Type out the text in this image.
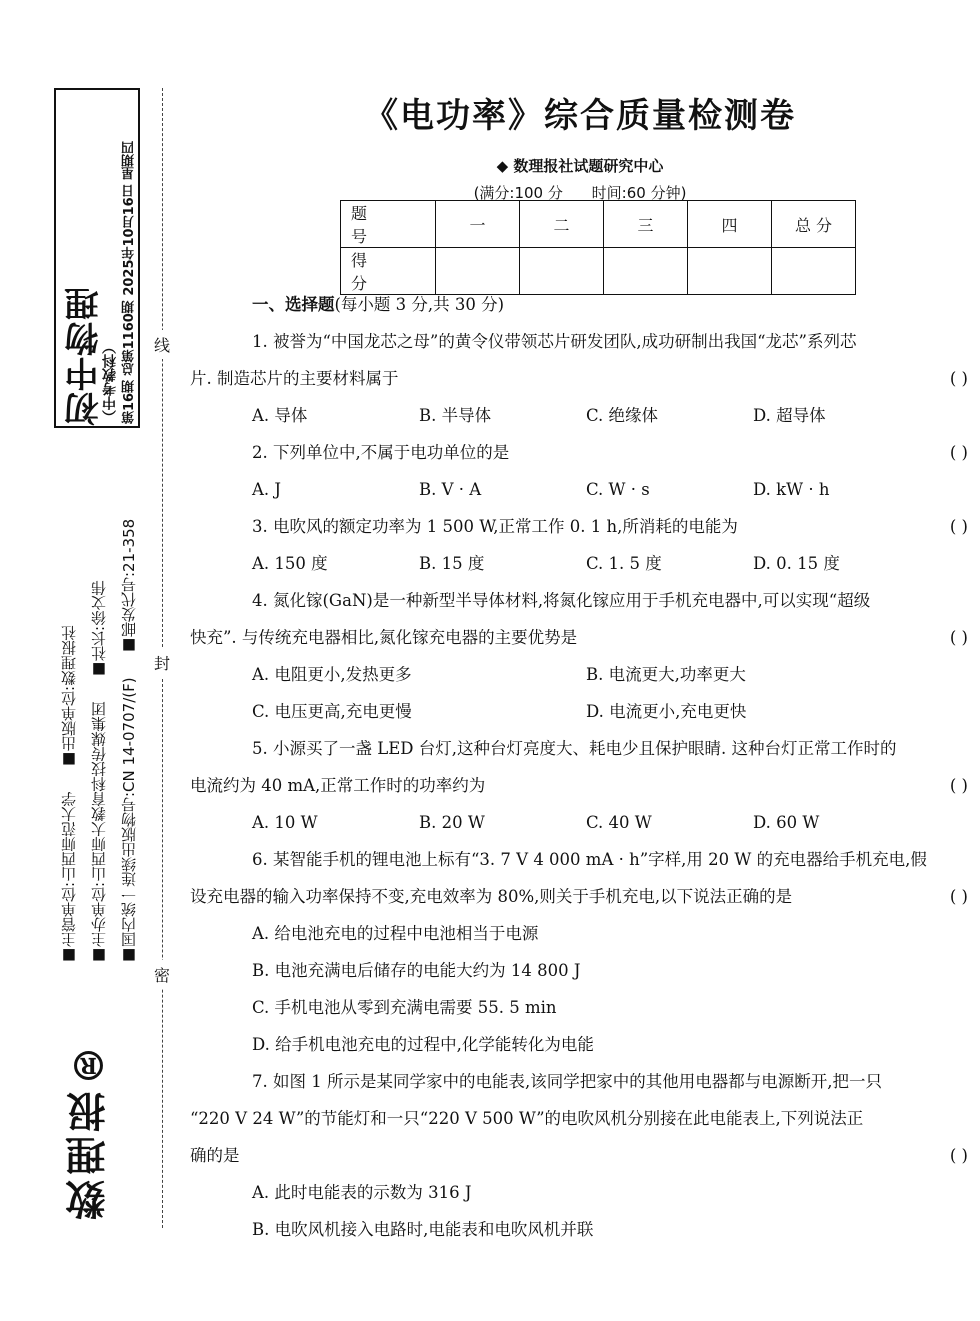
初中物理
（中考教科） 第16期 总第1160期 2025年10月16日 星期四
■主管单位:山西师范大学 ■出版单位:数理报社
■主办单位:山西师大教育科技传媒集团 ■社长:徐文伟
■国内统一连续出版物号:CN 14-0707/(F) ■邮发代号:21-358
数理报®
线
封
密
《电功率》综合质量检测卷
◆ 数理报社试题研究中心
(满分:100 分 时间:60 分钟)
题 号	一	二	三	四	总 分
得 分					
一、选择题(每小题 3 分,共 30 分)
1. 被誉为“中国龙芯之母”的黄令仪带领芯片研发团队,成功研制出我国“龙芯”系列芯
片. 制造芯片的主要材料属于	( )
A. 导体	B. 半导体	C. 绝缘体	D. 超导体
2. 下列单位中,不属于电功单位的是	( )
A. J	B. V · A	C. W · s	D. kW · h
3. 电吹风的额定功率为 1 500 W,正常工作 0. 1 h,所消耗的电能为	( )
A. 150 度	B. 15 度	C. 1. 5 度	D. 0. 15 度
4. 氮化镓(GaN)是一种新型半导体材料,将氮化镓应用于手机充电器中,可以实现“超级
快充”. 与传统充电器相比,氮化镓充电器的主要优势是	( )
A. 电阻更小,发热更多	B. 电流更大,功率更大
C. 电压更高,充电更慢	D. 电流更小,充电更快
5. 小源买了一盏 LED 台灯,这种台灯亮度大、耗电少且保护眼睛. 这种台灯正常工作时的
电流约为 40 mA,正常工作时的功率约为	( )
A. 10 W	B. 20 W	C. 40 W	D. 60 W
6. 某智能手机的锂电池上标有“3. 7 V 4 000 mA · h”字样,用 20 W 的充电器给手机充电,假
设充电器的输入功率保持不变,充电效率为 80%,则关于手机充电,以下说法正确的是	( )
A. 给电池充电的过程中电池相当于电源
B. 电池充满电后储存的电能大约为 14 800 J
C. 手机电池从零到充满电需要 55. 5 min
D. 给手机电池充电的过程中,化学能转化为电能
7. 如图 1 所示是某同学家中的电能表,该同学把家中的其他用电器都与电源断开,把一只
“220 V 24 W”的节能灯和一只“220 V 500 W”的电吹风机分别接在此电能表上,下列说法正
确的是	( )
A. 此时电能表的示数为 316 J
B. 电吹风机接入电路时,电能表和电吹风机并联
